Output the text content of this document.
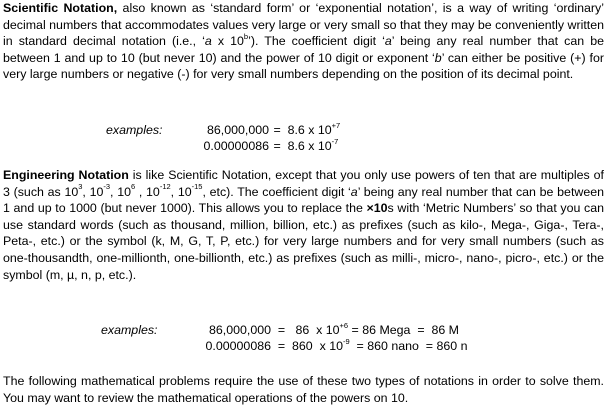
Scientific Notation, also known as ‘standard form’ or ‘exponential notation’, is a way of writing ‘ordinary’ decimal numbers that accommodates values very large or very small so that they may be conveniently written in standard decimal notation (i.e., ‘a x 10$^b$’). The coefficient digit ‘a’ being any real number that can be between 1 and up to 10 (but never 10) and the power of 10 digit or exponent ‘b’ can either be positive (+) for very large numbers or negative (-) for very small numbers depending on the position of its decimal point.

examples:	86,000,000 =  8.6 x $10^{+7}$
0.00000086 =  8.6 x $10^{-7}$

Engineering Notation is like Scientific Notation, except that you only use powers of ten that are multiples of 3 (such as $10^3$, $10^{-3}$, $10^6$ , $10^{-12}$, $10^{-15}$, etc). The coefficient digit ‘a’ being any real number that can be between 1 and up to 1000 (but never 1000). This allows you to replace the ×10s with ‘Metric Numbers’ so that you can use standard words (such as thousand, million, billion, etc.) as prefixes (such as kilo-, Mega-, Giga-, Tera-, Peta-, etc.) or the symbol (k, M, G, T, P, etc.) for very large numbers and for very small numbers (such as one-thousandth, one-millionth, one-billionth, etc.) as prefixes (such as milli-, micro-, nano-, picro-, etc.) or the symbol (m, µ, n, p, etc.).

examples:	86,000,000 =   86  x $10^{+6} = 86$ Mega  =  86 M
0.00000086 =  860  x $10^{-9} = 860$ nano  = 860 n

The following mathematical problems require the use of these two types of notations in order to solve them. You may want to review the mathematical operations of the powers on 10.
